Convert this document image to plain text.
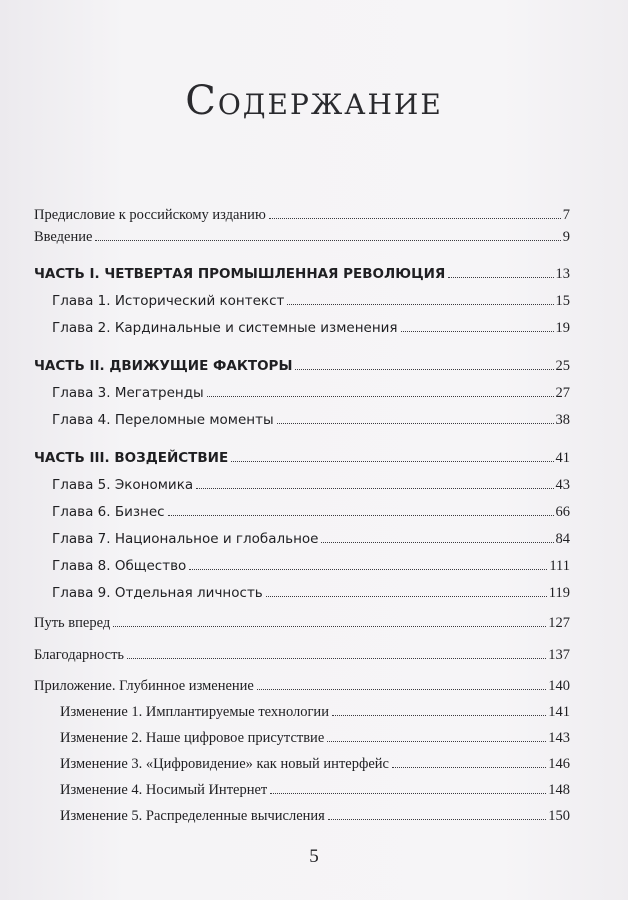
Содержание
Предисловие к российскому изданию	7
Введение	9
ЧАСТЬ I. ЧЕТВЕРТАЯ ПРОМЫШЛЕННАЯ РЕВОЛЮЦИЯ	13
Глава 1. Исторический контекст	15
Глава 2. Кардинальные и системные изменения	19
ЧАСТЬ II. ДВИЖУЩИЕ ФАКТОРЫ	25
Глава 3. Мегатренды	27
Глава 4. Переломные моменты	38
ЧАСТЬ III. ВОЗДЕЙСТВИЕ	41
Глава 5. Экономика	43
Глава 6. Бизнес	66
Глава 7. Национальное и глобальное	84
Глава 8. Общество	111
Глава 9. Отдельная личность	119
Путь вперед	127
Благодарность	137
Приложение. Глубинное изменение	140
Изменение 1. Имплантируемые технологии	141
Изменение 2. Наше цифровое присутствие	143
Изменение 3. «Цифровидение» как новый интерфейс	146
Изменение 4. Носимый Интернет	148
Изменение 5. Распределенные вычисления	150
5
